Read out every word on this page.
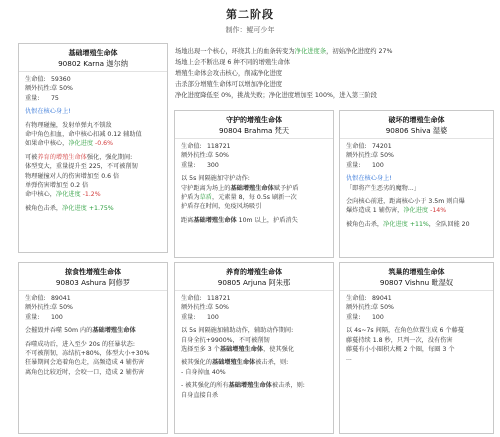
第二阶段
制作：鲲可少年
场地出现一个核心，环绕其上的血条转变为净化进度条，初始净化进度约 27%
场地上会不断出现 6 种不同的增殖生命体
增殖生命体会攻击核心，削减净化进度
击杀部分增殖生命体可以增加净化进度
净化进度降低至 0%，挑战失败；净化进度增加至 100%，进入第三阶段
基础增殖生命体
90802 Karna 迦尔纳
生命值: 59360
额外抗性:草 50%
重量: 75
仇恨在核心身上!
有物理碰撞，发射单弹丸不锁敌
命中角色扣血，命中核心扣减 0.12 辅助值
如果命中核心，净化进度 -0.6%
可被养育的增殖生命体强化，强化期间:
体型变大，重量提升至 225，不可被削韧
物理碰撞对人的伤害增加至 0.6 倍
单弹伤害增加至 0.2 倍
命中核心，净化进度 -1.2%
被角色击杀，净化进度 +1.75%
守护的增殖生命体
90804 Brahma 梵天
生命值: 118721
额外抗性:草 50%
重量: 300
以 5s 间隔施加守护动作:
守护距离为场上的基础增殖生命体赋予护盾
护盾为草盾，元素量 8，每 0.5s 刷新一次
护盾存在时间，免疫风场吸引
距离基础增殖生命体 10m 以上，护盾消失
破坏的增殖生命体
90806 Shiva 湿婆
生命值: 74201
额外抗性:草 50%
重量: 100
仇恨在核心身上!
「即将产生恶劣的魔物...」
会向核心前进，距离核心小于 3.5m 则自爆
爆炸造成 1 辅伤害，净化进度 -14%
被角色击杀，净化进度 +11%，全队回能 20
掠食性增殖生命体
90803 Ashura 阿修罗
生命值: 89041
额外抗性:草 50%
重量: 100
会摧毁并吞噬 50m 内的基础增殖生命体
吞噬成功后，进入至少 20s 的狂暴状态:
不可被削韧，冻结抗+80%，体型大小+30%
狂暴期间会追着角色走，高频造成 4 辅伤害
离角色比较近时，会咬一口，造成 2 辅伤害
养育的增殖生命体
90805 Arjuna 阿朱那
生命值: 118721
额外抗性:草 50%
重量: 100
以 5s 间隔施加辅助动作，辅助动作期间:
自身全抗+9900%，不可被削韧
选择至多 3 个基础增殖生命体，使其强化
被其强化的基础增殖生命体被击杀，则:
- 自身掉血 40%
- 被其强化的所有基础增殖生命体被击杀，则:
自身直接自杀
筑巢的增殖生命体
90807 Vishnu 毗湿奴
生命值: 89041
额外抗性:草 50%
重量: 100
以 4s~7s 间隔，在角色位置生成 6 个藤蔓
藤蔓持续 1.8 秒，只判一次，没有伤害
藤蔓有小小圈积大概 2 个圈，每圈 3 个
...
